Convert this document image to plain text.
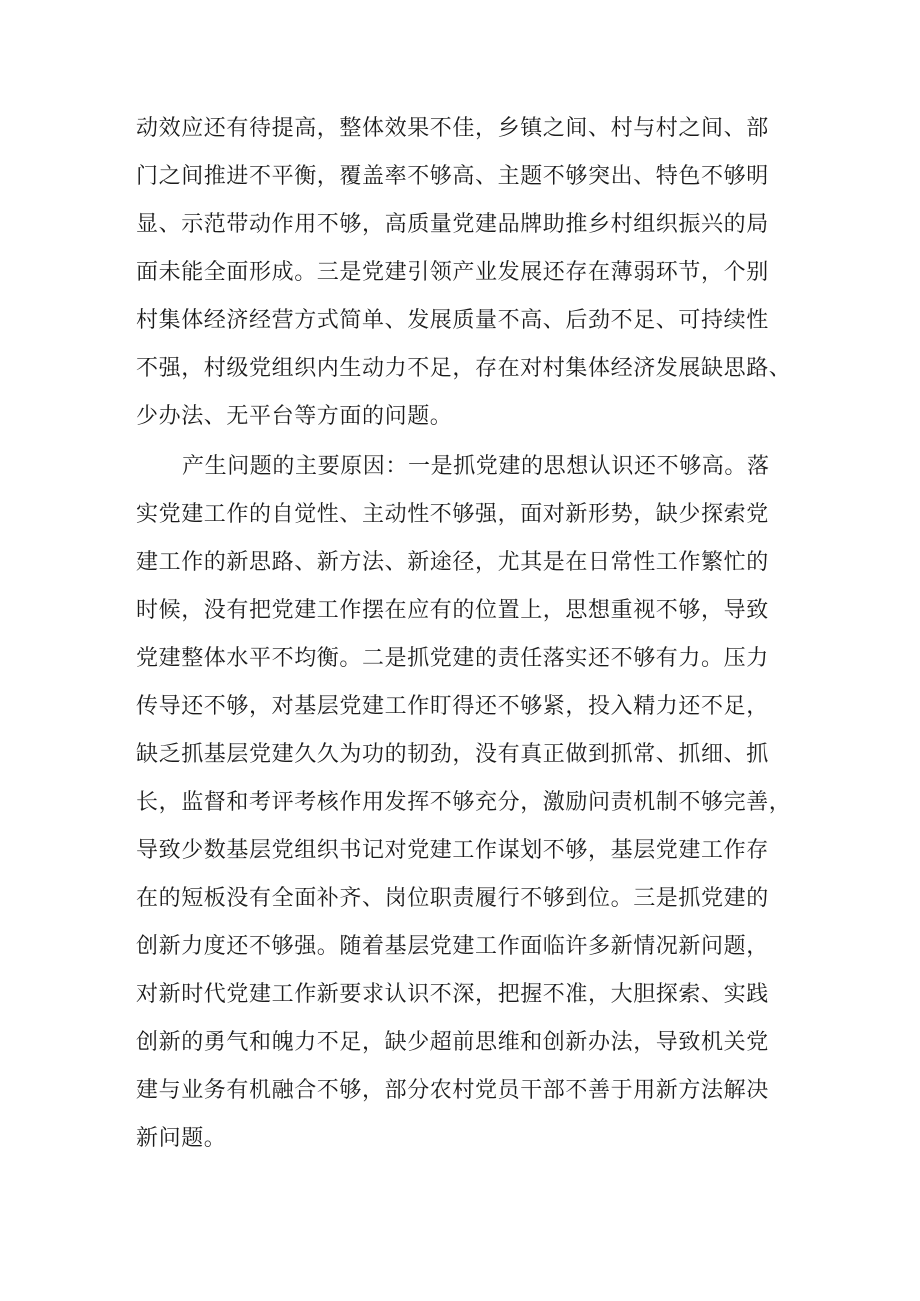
动效应还有待提高，整体效果不佳，乡镇之间、村与村之间、部
门之间推进不平衡，覆盖率不够高、主题不够突出、特色不够明
显、示范带动作用不够，高质量党建品牌助推乡村组织振兴的局
面未能全面形成。三是党建引领产业发展还存在薄弱环节，个别
村集体经济经营方式简单、发展质量不高、后劲不足、可持续性
不强，村级党组织内生动力不足，存在对村集体经济发展缺思路、
少办法、无平台等方面的问题。
产生问题的主要原因：一是抓党建的思想认识还不够高。落
实党建工作的自觉性、主动性不够强，面对新形势，缺少探索党
建工作的新思路、新方法、新途径，尤其是在日常性工作繁忙的
时候，没有把党建工作摆在应有的位置上，思想重视不够，导致
党建整体水平不均衡。二是抓党建的责任落实还不够有力。压力
传导还不够，对基层党建工作盯得还不够紧，投入精力还不足，
缺乏抓基层党建久久为功的韧劲，没有真正做到抓常、抓细、抓
长，监督和考评考核作用发挥不够充分，激励问责机制不够完善，
导致少数基层党组织书记对党建工作谋划不够，基层党建工作存
在的短板没有全面补齐、岗位职责履行不够到位。三是抓党建的
创新力度还不够强。随着基层党建工作面临许多新情况新问题，
对新时代党建工作新要求认识不深，把握不准，大胆探索、实践
创新的勇气和魄力不足，缺少超前思维和创新办法，导致机关党
建与业务有机融合不够，部分农村党员干部不善于用新方法解决
新问题。
